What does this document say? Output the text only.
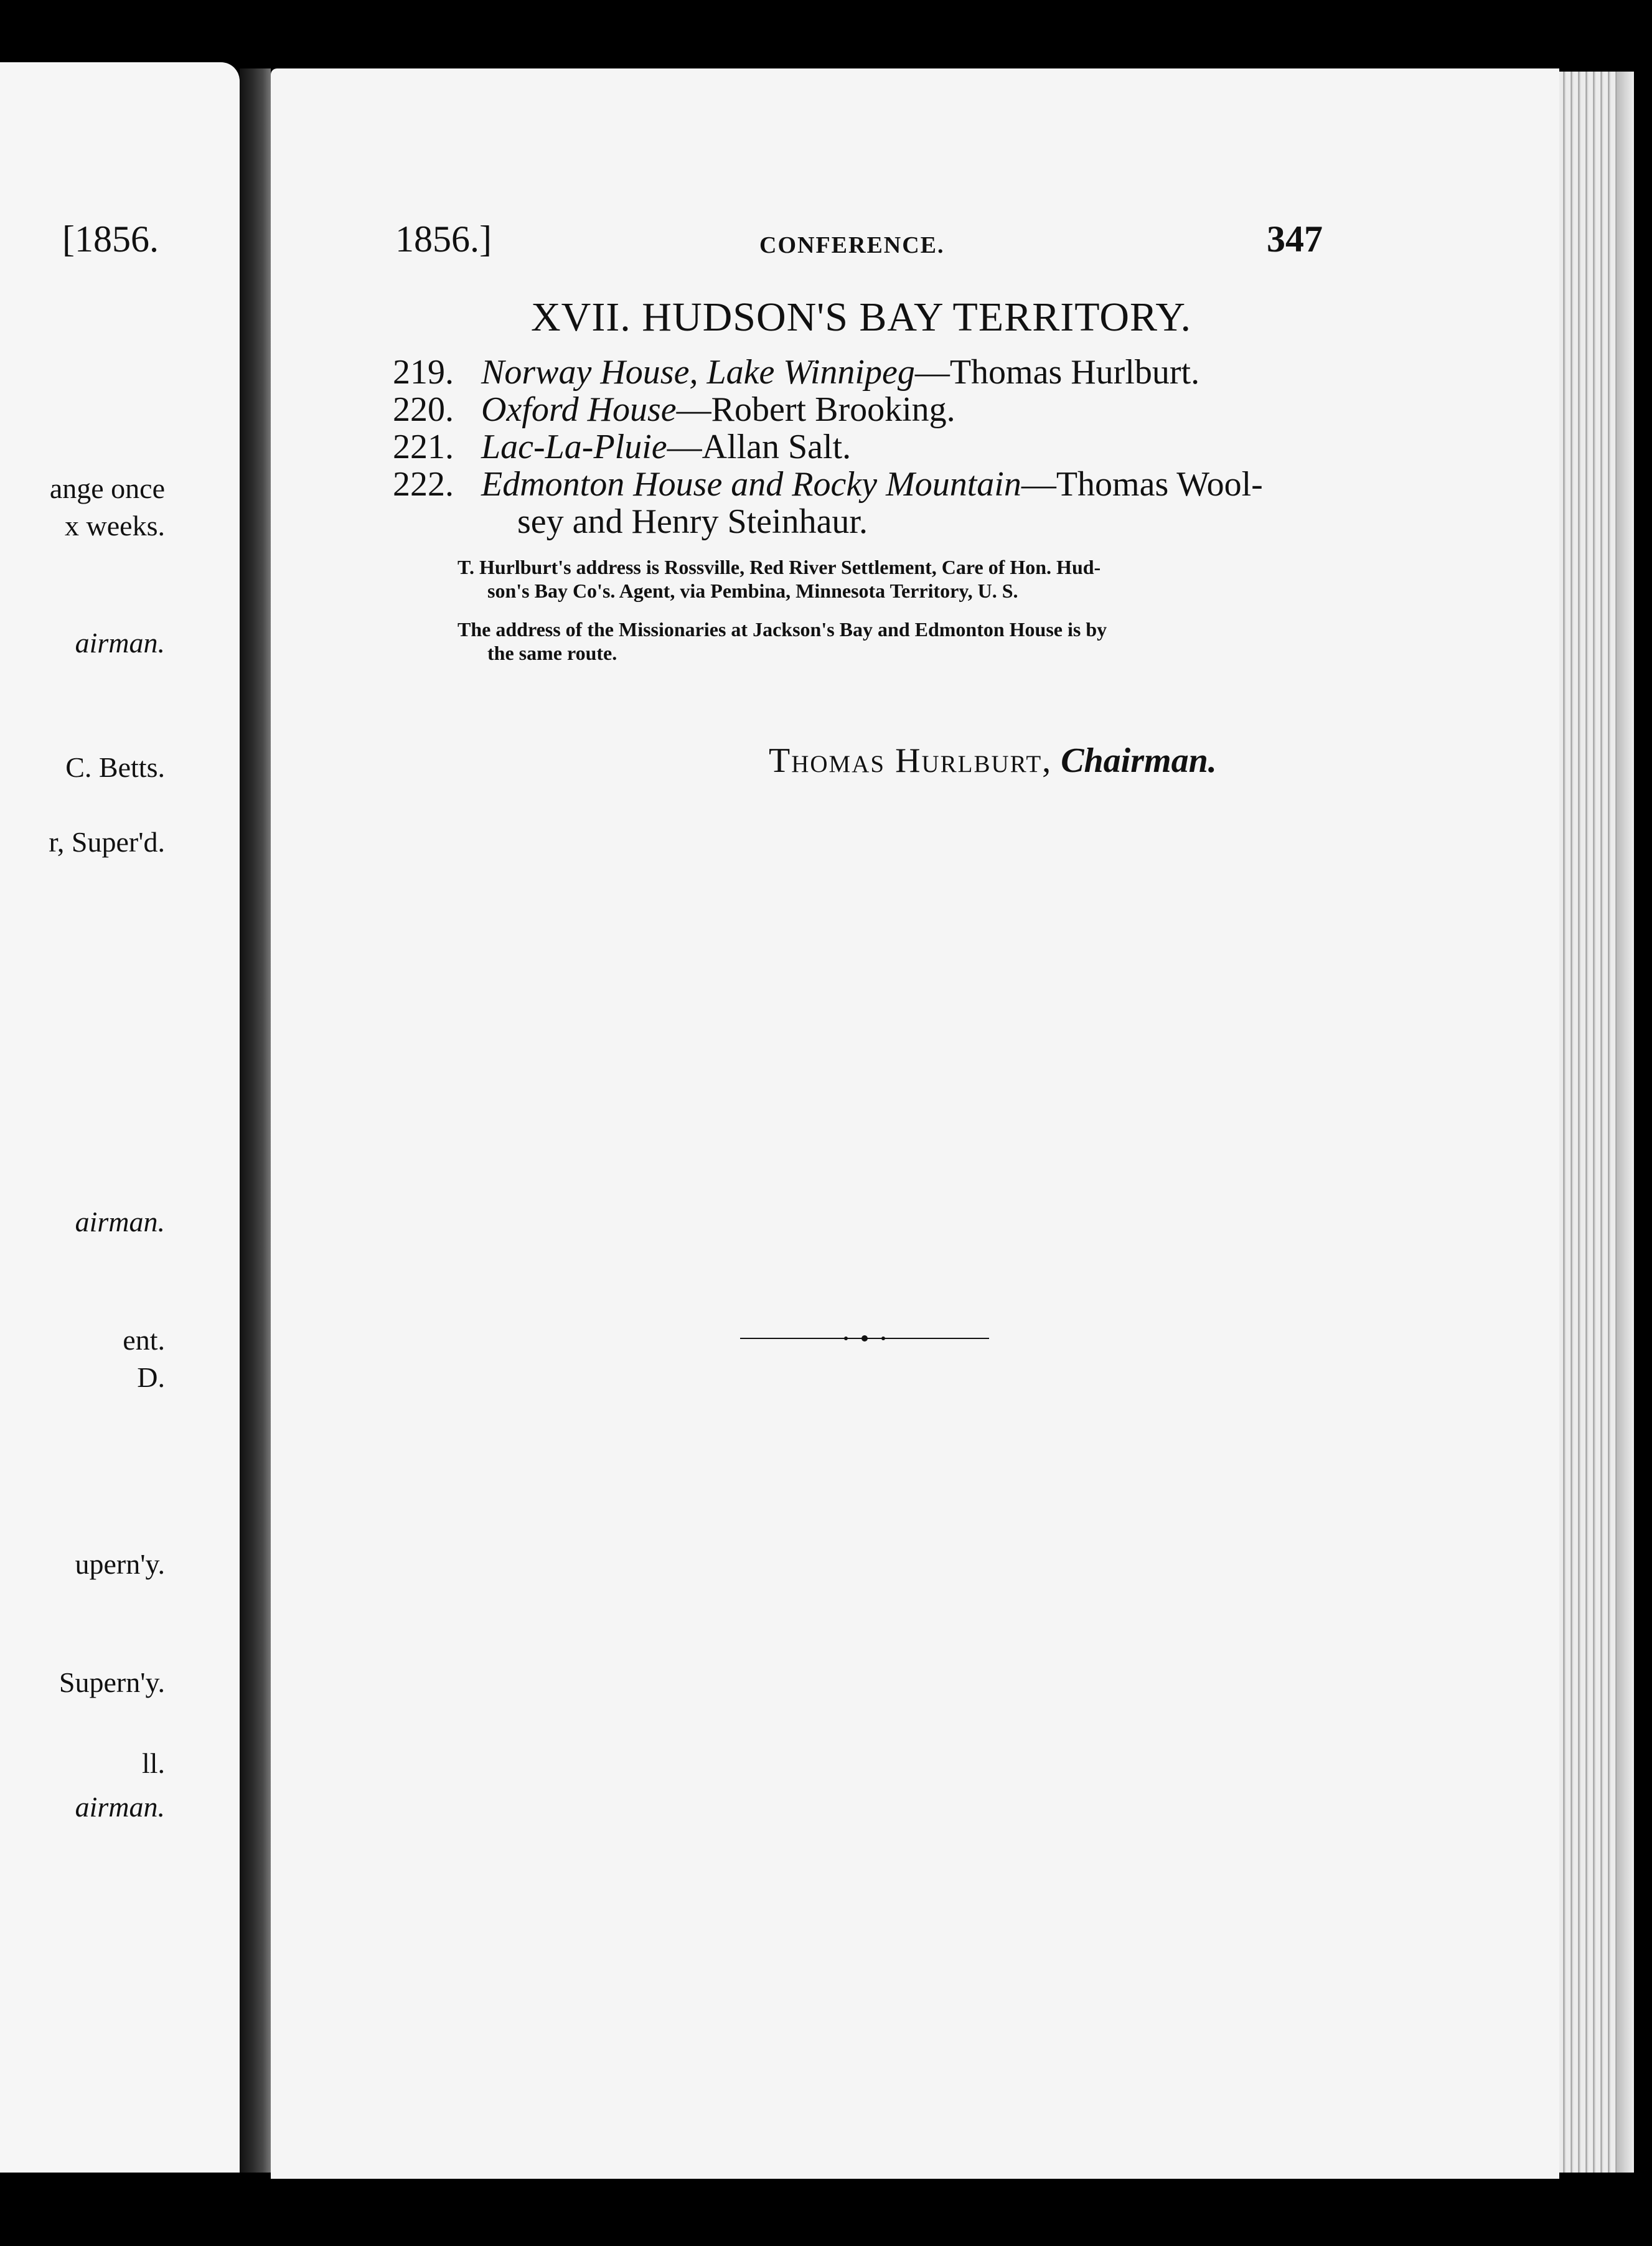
[1856.
ange once
x weeks.
airman.
C. Betts.
r, Super'd.
airman.
ent.
D.
upern'y.
Supern'y.
ll.
airman.
1856.]	CONFERENCE.	347
XVII. HUDSON'S BAY TERRITORY.
219. Norway House, Lake Winnipeg—Thomas Hurlburt.
220. Oxford House—Robert Brooking.
221. Lac-La-Pluie—Allan Salt.
222. Edmonton House and Rocky Mountain—Thomas Wool-
sey and Henry Steinhaur.
T. Hurlburt's address is Rossville, Red River Settlement, Care of Hon. Hud-
son's Bay Co's. Agent, via Pembina, Minnesota Territory, U. S.
The address of the Missionaries at Jackson's Bay and Edmonton House is by
the same route.
Thomas Hurlburt, Chairman.
